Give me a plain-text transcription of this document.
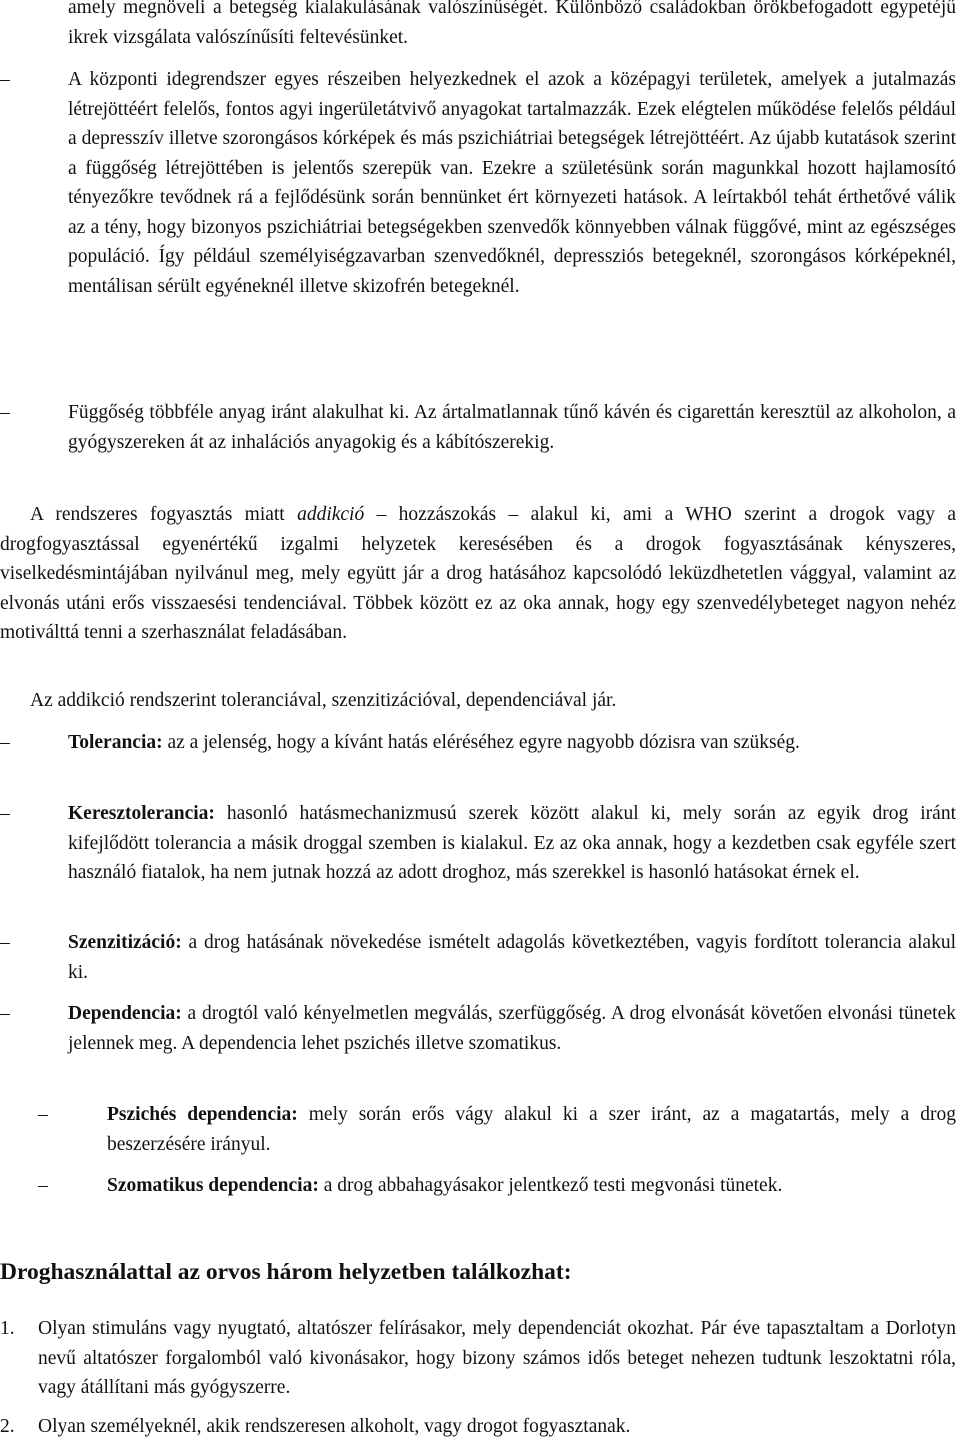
amely megnöveli a betegség kialakulásának valószínűségét. Különböző családokban örökbefogadott egypetéjű ikrek vizsgálata valószínűsíti feltevésünket.

–	A központi idegrendszer egyes részeiben helyezkednek el azok a középagyi területek, amelyek a jutalmazás létrejöttéért felelős, fontos agyi ingerületátvivő anyagokat tartalmazzák. Ezek elégtelen működése felelős például a depresszív illetve szorongásos kórképek és más pszichiátriai betegségek létrejöttéért. Az újabb kutatások szerint a függőség létrejöttében is jelentős szerepük van. Ezekre a születésünk során magunkkal hozott hajlamosító tényezőkre tevődnek rá a fejlődésünk során bennünket ért környezeti hatások. A leírtakból tehát érthetővé válik az a tény, hogy bizonyos pszichiátriai betegségekben szenvedők könnyebben válnak függővé, mint az egészséges populáció. Így például személyiségzavarban szenvedőknél, depressziós betegeknél, szorongásos kórképeknél, mentálisan sérült egyéneknél illetve skizofrén betegeknél.
–	Függőség többféle anyag iránt alakulhat ki. Az ártalmatlannak tűnő kávén és cigarettán keresztül az alkoholon, a gyógyszereken át az inhalációs anyagokig és a kábítószerekig.

A rendszeres fogyasztás miatt addikció – hozzászokás – alakul ki, ami a WHO szerint a drogok vagy a drogfogyasztással egyenértékű izgalmi helyzetek keresésében és a drogok fogyasztásának kényszeres, viselkedésmintájában nyilvánul meg, mely együtt jár a drog hatásához kapcsolódó leküzdhetetlen vággyal, valamint az elvonás utáni erős visszaesési tendenciával. Többek között ez az oka annak, hogy egy szenvedélybeteget nagyon nehéz motiválttá tenni a szerhasználat feladásában.

Az addikció rendszerint toleranciával, szenzitizációval, dependenciával jár.

–	Tolerancia: az a jelenség, hogy a kívánt hatás eléréséhez egyre nagyobb dózisra van szükség.
–	Keresztolerancia: hasonló hatásmechanizmusú szerek között alakul ki, mely során az egyik drog iránt kifejlődött tolerancia a másik droggal szemben is kialakul. Ez az oka annak, hogy a kezdetben csak egyféle szert használó fiatalok, ha nem jutnak hozzá az adott droghoz, más szerekkel is hasonló hatásokat érnek el.
–	Szenzitizáció: a drog hatásának növekedése ismételt adagolás következtében, vagyis fordított tolerancia alakul ki.
–	Dependencia: a drogtól való kényelmetlen megválás, szerfüggőség. A drog elvonását követően elvonási tünetek jelennek meg. A dependencia lehet pszichés illetve szomatikus.
–	Pszichés dependencia: mely során erős vágy alakul ki a szer iránt, az a magatartás, mely a drog beszerzésére irányul.
–	Szomatikus dependencia: a drog abbahagyásakor jelentkező testi megvonási tünetek.
Droghasználattal az orvos három helyzetben találkozhat:
1. Olyan stimuláns vagy nyugtató, altatószer felírásakor, mely dependenciát okozhat. Pár éve tapasztaltam a Dorlotyn nevű altatószer forgalomból való kivonásakor, hogy bizony számos idős beteget nehezen tudtunk leszoktatni róla, vagy átállítani más gyógyszerre.
2. Olyan személyeknél, akik rendszeresen alkoholt, vagy drogot fogyasztanak.
